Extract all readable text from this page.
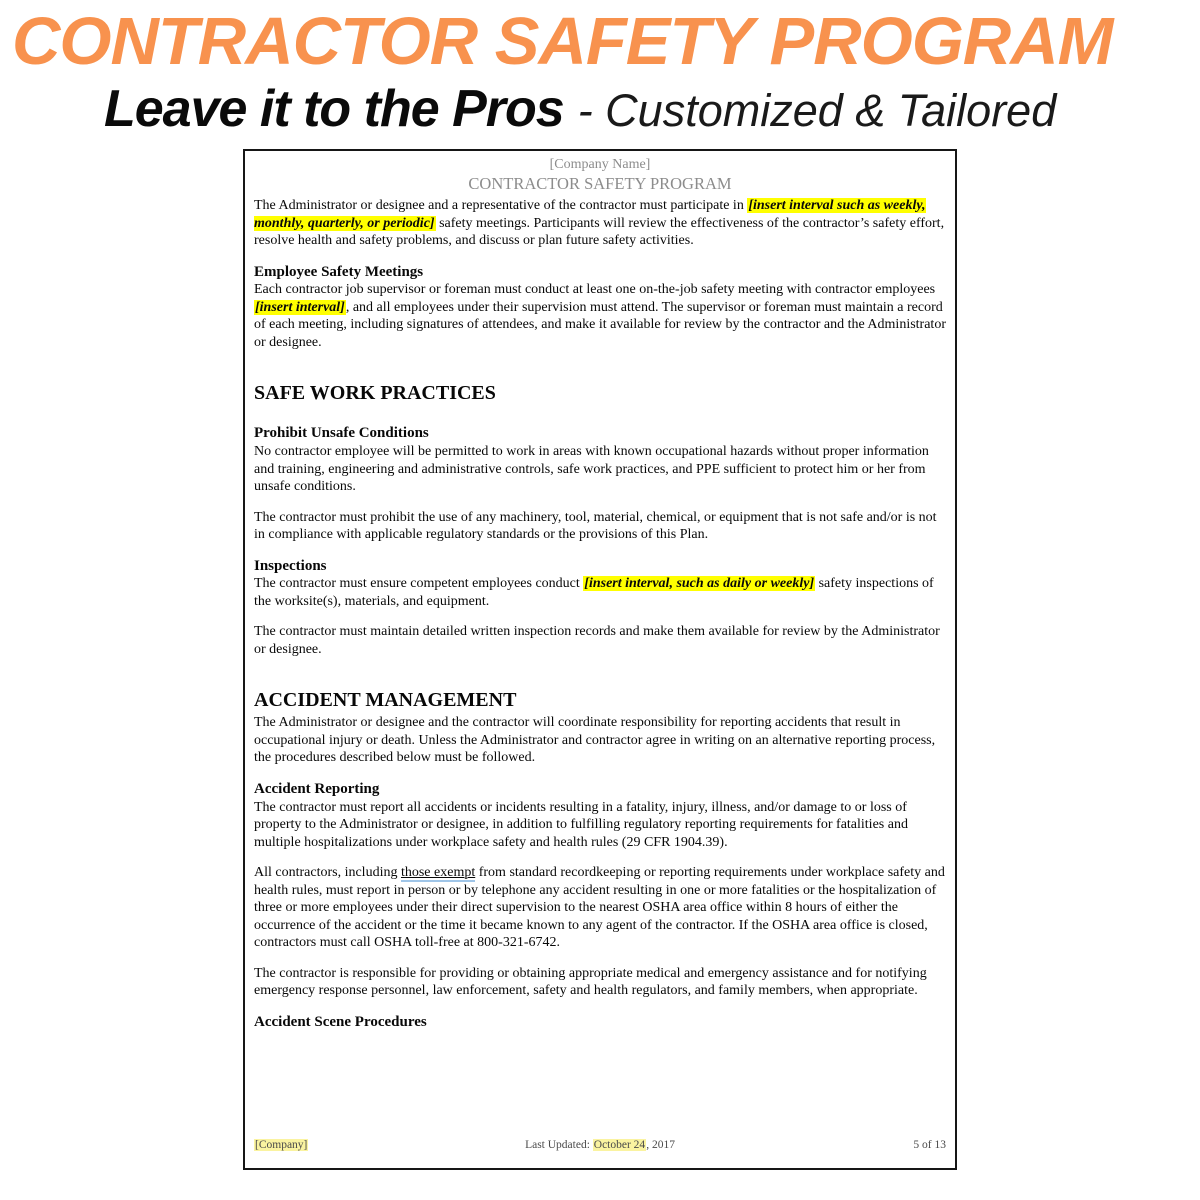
CONTRACTOR SAFETY PROGRAM
Leave it to the Pros - Customized & Tailored
[Company Name]
CONTRACTOR SAFETY PROGRAM

The Administrator or designee and a representative of the contractor must participate in [insert interval such as weekly, monthly, quarterly, or periodic] safety meetings. Participants will review the effectiveness of the contractor’s safety effort, resolve health and safety problems, and discuss or plan future safety activities.

Employee Safety Meetings

Each contractor job supervisor or foreman must conduct at least one on-the-job safety meeting with contractor employees [insert interval], and all employees under their supervision must attend. The supervisor or foreman must maintain a record of each meeting, including signatures of attendees, and make it available for review by the contractor and the Administrator or designee.

SAFE WORK PRACTICES
Prohibit Unsafe Conditions

No contractor employee will be permitted to work in areas with known occupational hazards without proper information and training, engineering and administrative controls, safe work practices, and PPE sufficient to protect him or her from unsafe conditions.

The contractor must prohibit the use of any machinery, tool, material, chemical, or equipment that is not safe and/or is not in compliance with applicable regulatory standards or the provisions of this Plan.

Inspections

The contractor must ensure competent employees conduct [insert interval, such as daily or weekly] safety inspections of the worksite(s), materials, and equipment.

The contractor must maintain detailed written inspection records and make them available for review by the Administrator or designee.

ACCIDENT MANAGEMENT

The Administrator or designee and the contractor will coordinate responsibility for reporting accidents that result in occupational injury or death. Unless the Administrator and contractor agree in writing on an alternative reporting process, the procedures described below must be followed.

Accident Reporting

The contractor must report all accidents or incidents resulting in a fatality, injury, illness, and/or damage to or loss of property to the Administrator or designee, in addition to fulfilling regulatory reporting requirements for fatalities and multiple hospitalizations under workplace safety and health rules (29 CFR 1904.39).

All contractors, including those exempt from standard recordkeeping or reporting requirements under workplace safety and health rules, must report in person or by telephone any accident resulting in one or more fatalities or the hospitalization of three or more employees under their direct supervision to the nearest OSHA area office within 8 hours of either the occurrence of the accident or the time it became known to any agent of the contractor. If the OSHA area office is closed, contractors must call OSHA toll-free at 800-321-6742.

The contractor is responsible for providing or obtaining appropriate medical and emergency assistance and for notifying emergency response personnel, law enforcement, safety and health regulators, and family members, when appropriate.

Accident Scene Procedures
[Company]	Last Updated: October 24, 2017	5 of 13
